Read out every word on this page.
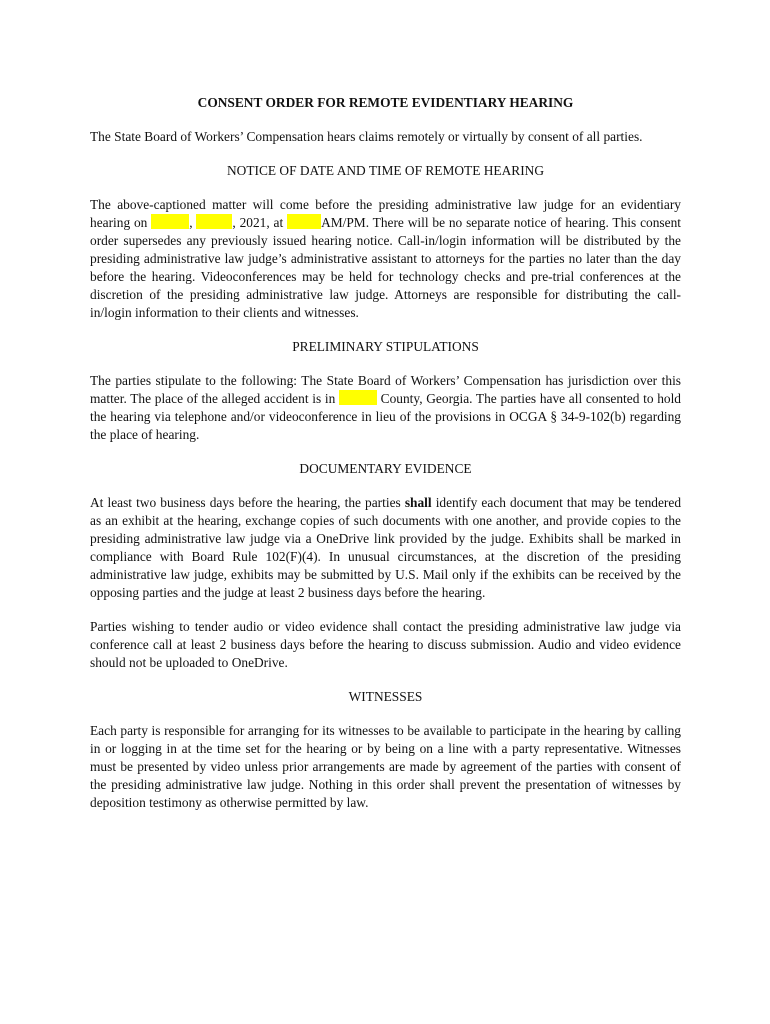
CONSENT ORDER FOR REMOTE EVIDENTIARY HEARING

The State Board of Workers’ Compensation hears claims remotely or virtually by consent of all parties.

NOTICE OF DATE AND TIME OF REMOTE HEARING

The above-captioned matter will come before the presiding administrative law judge for an evidentiary hearing on	,	, 2021, at	AM/PM. There will be no separate notice of hearing. This consent order supersedes any previously issued hearing notice. Call-in/login information will be distributed by the presiding administrative law judge’s administrative assistant to attorneys for the parties no later than the day before the hearing. Videoconferences may be held for technology checks and pre-trial conferences at the discretion of the presiding administrative law judge. Attorneys are responsible for distributing the call-in/login information to their clients and witnesses.

PRELIMINARY STIPULATIONS

The parties stipulate to the following: The State Board of Workers’ Compensation has jurisdiction over this matter. The place of the alleged accident is in	County, Georgia. The parties have all consented to hold the hearing via telephone and/or videoconference in lieu of the provisions in OCGA § 34-9-102(b) regarding the place of hearing.

DOCUMENTARY EVIDENCE

At least two business days before the hearing, the parties shall identify each document that may be tendered as an exhibit at the hearing, exchange copies of such documents with one another, and provide copies to the presiding administrative law judge via a OneDrive link provided by the judge. Exhibits shall be marked in compliance with Board Rule 102(F)(4). In unusual circumstances, at the discretion of the presiding administrative law judge, exhibits may be submitted by U.S. Mail only if the exhibits can be received by the opposing parties and the judge at least 2 business days before the hearing.

Parties wishing to tender audio or video evidence shall contact the presiding administrative law judge via conference call at least 2 business days before the hearing to discuss submission. Audio and video evidence should not be uploaded to OneDrive.

WITNESSES

Each party is responsible for arranging for its witnesses to be available to participate in the hearing by calling in or logging in at the time set for the hearing or by being on a line with a party representative. Witnesses must be presented by video unless prior arrangements are made by agreement of the parties with consent of the presiding administrative law judge. Nothing in this order shall prevent the presentation of witnesses by deposition testimony as otherwise permitted by law.
